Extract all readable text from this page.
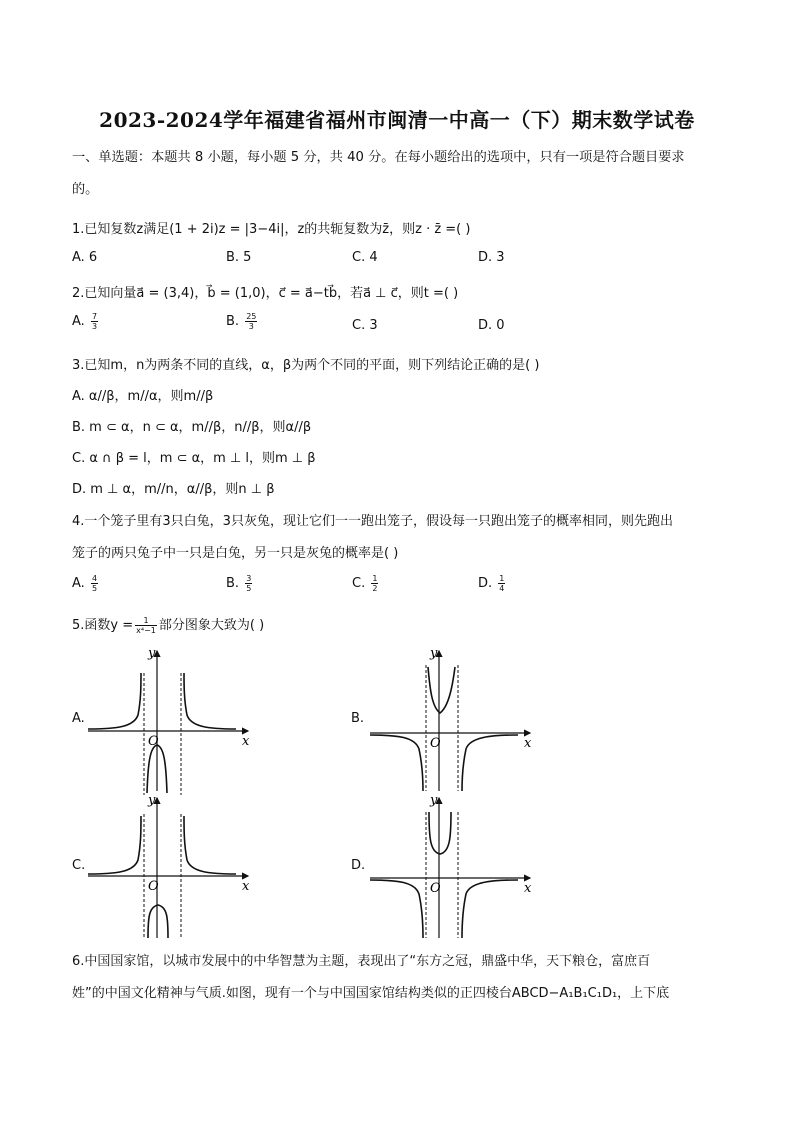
2023-2024学年福建省福州市闽清一中高一（下）期末数学试卷
一、单选题：本题共 8 小题，每小题 5 分，共 40 分。在每小题给出的选项中，只有一项是符合题目要求
的。
1.已知复数z满足(1 + 2i)z = |3−4i|，z的共轭复数为z̄，则z · z̄ =( )
A. 6	B. 5	C. 4	D. 3
2.已知向量a⃗ = (3,4)，b⃗ = (1,0)，c⃗ = a⃗−tb⃗，若a⃗ ⊥ c⃗，则t =( )
A. $\frac{7}{3}$	B. $\frac{25}{3}$	C. 3	D. 0
3.已知m，n为两条不同的直线，α，β为两个不同的平面，则下列结论正确的是( )
A. α//β，m//α，则m//β
B. m ⊂ α，n ⊂ α，m//β，n//β，则α//β
C. α ∩ β = l，m ⊂ α，m ⊥ l，则m ⊥ β
D. m ⊥ α，m//n，α//β，则n ⊥ β
4.一个笼子里有3只白兔，3只灰兔，现让它们一一跑出笼子，假设每一只跑出笼子的概率相同，则先跑出
笼子的两只兔子中一只是白兔，另一只是灰兔的概率是( )
A. $\frac{4}{5}$	B. $\frac{3}{5}$	C. $\frac{1}{2}$	D. $\frac{1}{4}$
5.函数$y = \frac{1}{\text{x⁴−1}}$ 部分图象大致为( )
A.	B.
C.	D.
O	x
y
O	x
y
O	x
y
O	x
y
6.中国国家馆，以城市发展中的中华智慧为主题，表现出了“东方之冠，鼎盛中华，天下粮仓，富庶百
姓”的中国文化精神与气质.如图，现有一个与中国国家馆结构类似的正四棱台ABCD−A₁B₁C₁D₁，上下底
